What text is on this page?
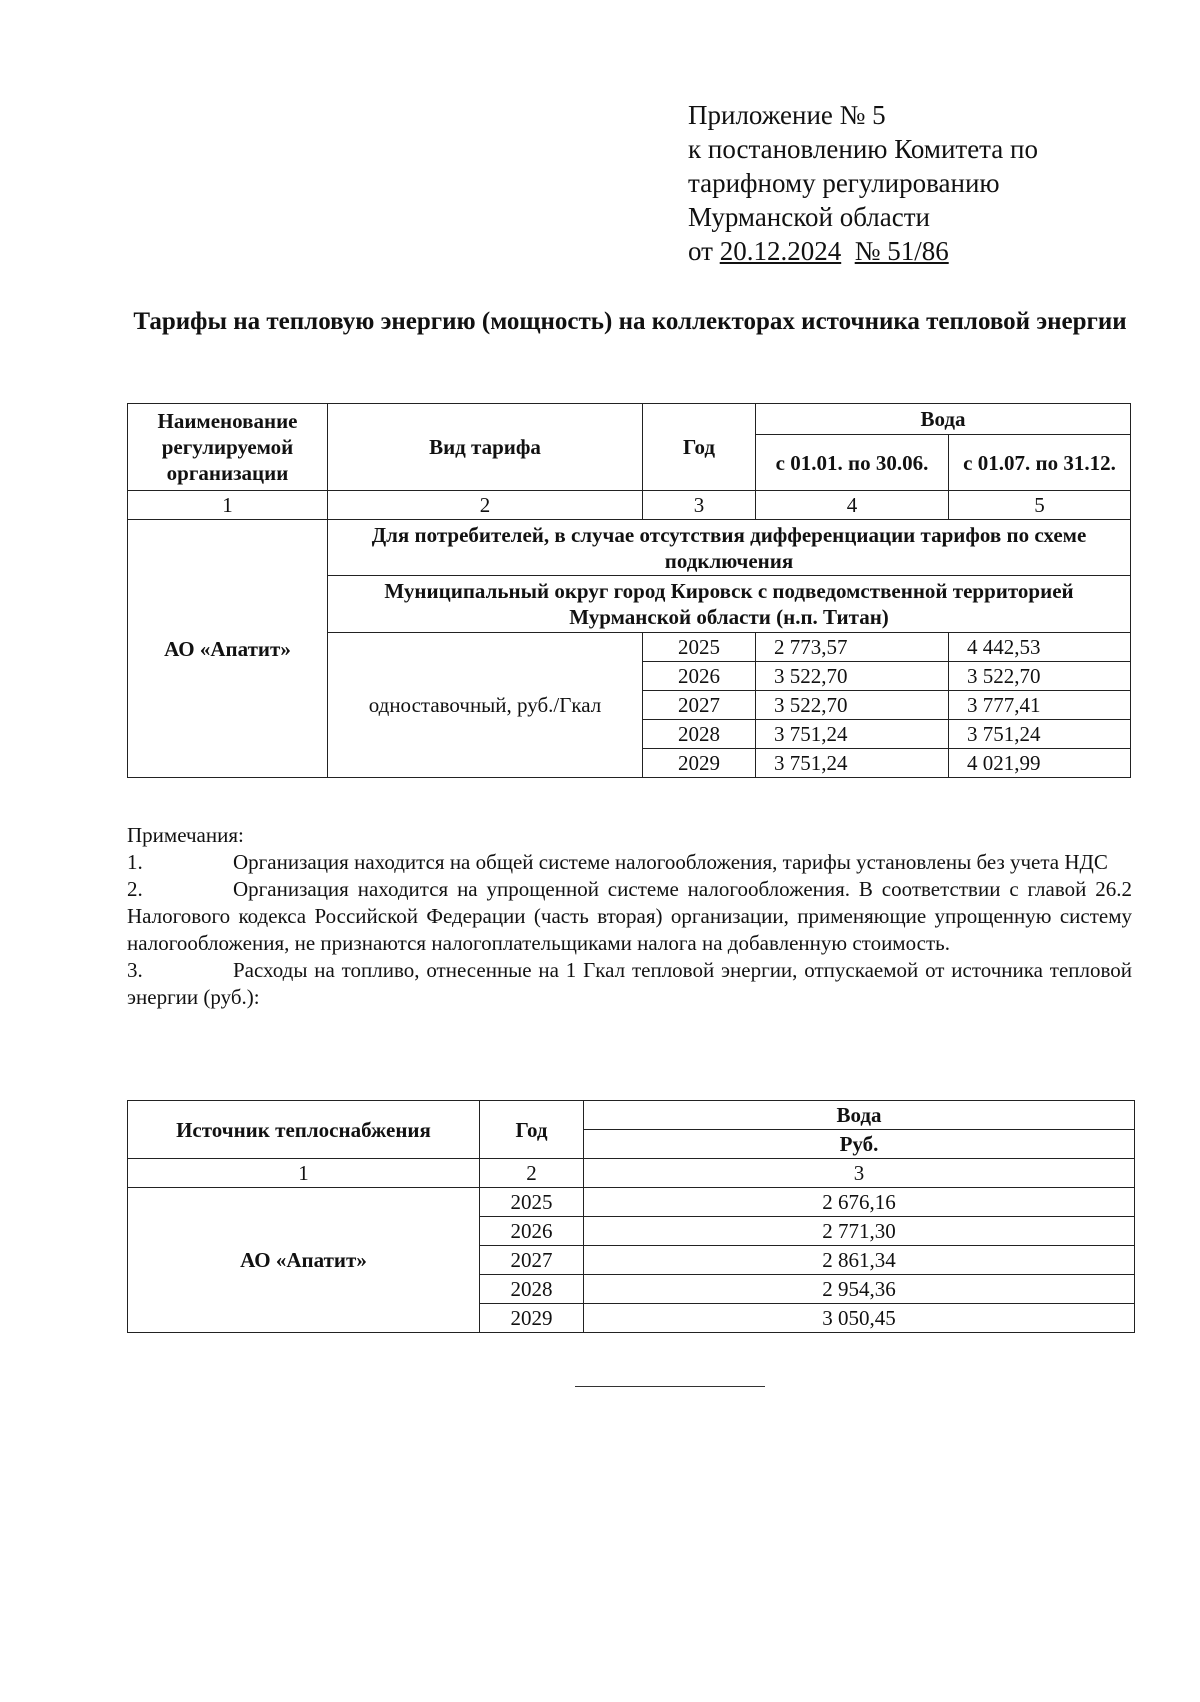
Приложение № 5
к постановлению Комитета по
тарифному регулированию
Мурманской области
от 20.12.2024 № 51/86
Тарифы на тепловую энергию (мощность) на коллекторах источника тепловой энергии
Наименование регулируемой организации	Вид тарифа	Год	Вода	
			с 01.01. по 30.06.	с 01.07. по 31.12.
1	2	3	4	5
АО «Апатит»	Для потребителей, в случае отсутствия дифференциации тарифов по схеме подключения			
	Муниципальный округ город Кировск с подведомственной территорией Мурманской области (н.п. Титан)			
	одноставочный, руб./Гкал	2025	2 773,57	4 442,53
		2026	3 522,70	3 522,70
		2027	3 522,70	3 777,41
		2028	3 751,24	3 751,24
		2029	3 751,24	4 021,99

Примечания:

1.	Организация находится на общей системе налогообложения, тарифы установлены без учета НДС

2.	Организация находится на упрощенной системе налогообложения. В соответствии с главой 26.2 Налогового кодекса Российской Федерации (часть вторая) организации, применяющие упрощенную систему налогообложения, не признаются налогоплательщиками налога на добавленную стоимость.

3.	Расходы на топливо, отнесенные на 1 Гкал тепловой энергии, отпускаемой от источника тепловой энергии (руб.):

Источник теплоснабжения	Год	Вода
		Руб.
1	2	3
АО «Апатит»	2025	2 676,16
	2026	2 771,30
	2027	2 861,34
	2028	2 954,36
	2029	3 050,45
